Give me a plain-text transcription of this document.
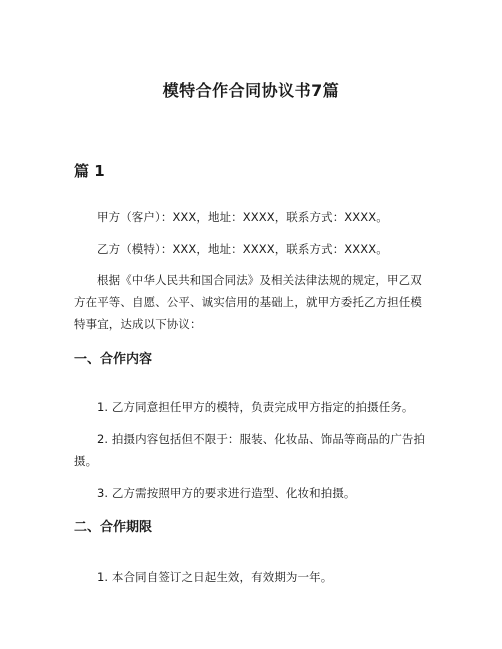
模特合作合同协议书7篇
篇 1
甲方（客户）：XXX，地址：XXXX，联系方式：XXXX。
乙方（模特）：XXX，地址：XXXX，联系方式：XXXX。
根据《中华人民共和国合同法》及相关法律法规的规定，甲乙双方在平等、自愿、公平、诚实信用的基础上，就甲方委托乙方担任模特事宜，达成以下协议：
一、合作内容
1. 乙方同意担任甲方的模特，负责完成甲方指定的拍摄任务。
2. 拍摄内容包括但不限于：服装、化妆品、饰品等商品的广告拍摄。
3. 乙方需按照甲方的要求进行造型、化妆和拍摄。
二、合作期限
1. 本合同自签订之日起生效，有效期为一年。
